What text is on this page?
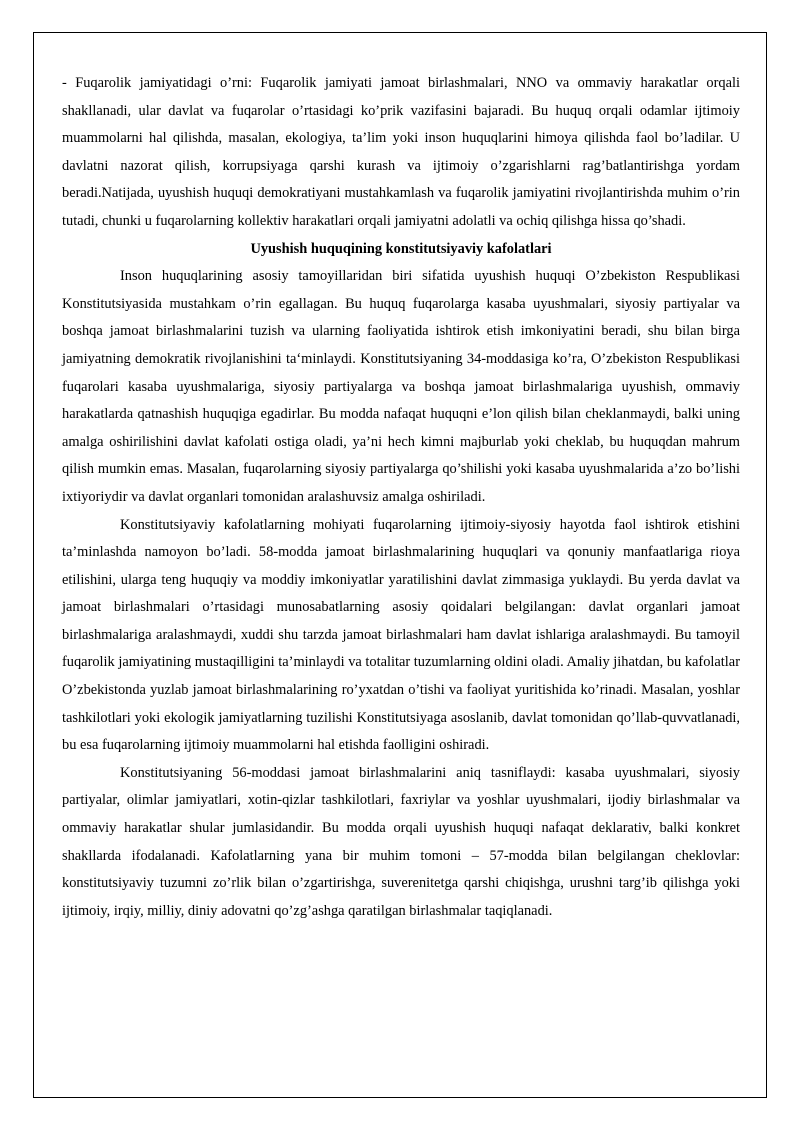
- Fuqarolik jamiyatidagi o’rni: Fuqarolik jamiyati jamoat birlashmalari, NNO va ommaviy harakatlar orqali shakllanadi, ular davlat va fuqarolar o’rtasidagi ko’prik vazifasini bajaradi. Bu huquq orqali odamlar ijtimoiy muammolarni hal qilishda, masalan, ekologiya, ta’lim yoki inson huquqlarini himoya qilishda faol bo’ladilar. U davlatni nazorat qilish, korrupsiyaga qarshi kurash va ijtimoiy o’zgarishlarni rag’batlantirishga yordam beradi.Natijada, uyushish huquqi demokratiyani mustahkamlash va fuqarolik jamiyatini rivojlantirishda muhim o’rin tutadi, chunki u fuqarolarning kollektiv harakatlari orqali jamiyatni adolatli va ochiq qilishga hissa qo’shadi.

Uyushish huquqining konstitutsiyaviy kafolatlari

Inson huquqlarining asosiy tamoyillaridan biri sifatida uyushish huquqi O’zbekiston Respublikasi Konstitutsiyasida mustahkam o’rin egallagan. Bu huquq fuqarolarga kasaba uyushmalari, siyosiy partiyalar va boshqa jamoat birlashmalarini tuzish va ularning faoliyatida ishtirok etish imkoniyatini beradi, shu bilan birga jamiyatning demokratik rivojlanishini ta‘minlaydi. Konstitutsiyaning 34-moddasiga ko’ra, O’zbekiston Respublikasi fuqarolari kasaba uyushmalariga, siyosiy partiyalarga va boshqa jamoat birlashmalariga uyushish, ommaviy harakatlarda qatnashish huquqiga egadirlar. Bu modda nafaqat huquqni e’lon qilish bilan cheklanmaydi, balki uning amalga oshirilishini davlat kafolati ostiga oladi, ya’ni hech kimni majburlab yoki cheklab, bu huquqdan mahrum qilish mumkin emas. Masalan, fuqarolarning siyosiy partiyalarga qo’shilishi yoki kasaba uyushmalarida a’zo bo’lishi ixtiyoriydir va davlat organlari tomonidan aralashuvsiz amalga oshiriladi.

Konstitutsiyaviy kafolatlarning mohiyati fuqarolarning ijtimoiy-siyosiy hayotda faol ishtirok etishini ta’minlashda namoyon bo’ladi. 58-modda jamoat birlashmalarining huquqlari va qonuniy manfaatlariga rioya etilishini, ularga teng huquqiy va moddiy imkoniyatlar yaratilishini davlat zimmasiga yuklaydi. Bu yerda davlat va jamoat birlashmalari o’rtasidagi munosabatlarning asosiy qoidalari belgilangan: davlat organlari jamoat birlashmalariga aralashmaydi, xuddi shu tarzda jamoat birlashmalari ham davlat ishlariga aralashmaydi. Bu tamoyil fuqarolik jamiyatining mustaqilligini ta’minlaydi va totalitar tuzumlarning oldini oladi. Amaliy jihatdan, bu kafolatlar O’zbekistonda yuzlab jamoat birlashmalarining ro’yxatdan o’tishi va faoliyat yuritishida ko’rinadi. Masalan, yoshlar tashkilotlari yoki ekologik jamiyatlarning tuzilishi Konstitutsiyaga asoslanib, davlat tomonidan qo’llab-quvvatlanadi, bu esa fuqarolarning ijtimoiy muammolarni hal etishda faolligini oshiradi.

Konstitutsiyaning 56-moddasi jamoat birlashmalarini aniq tasniflaydi: kasaba uyushmalari, siyosiy partiyalar, olimlar jamiyatlari, xotin-qizlar tashkilotlari, faxriylar va yoshlar uyushmalari, ijodiy birlashmalar va ommaviy harakatlar shular jumlasidandir. Bu modda orqali uyushish huquqi nafaqat deklarativ, balki konkret shakllarda ifodalanadi. Kafolatlarning yana bir muhim tomoni – 57-modda bilan belgilangan cheklovlar: konstitutsiyaviy tuzumni zo’rlik bilan o’zgartirishga, suverenitetga qarshi chiqishga, urushni targ’ib qilishga yoki ijtimoiy, irqiy, milliy, diniy adovatni qo’zg’ashga qaratilgan birlashmalar taqiqlanadi.
